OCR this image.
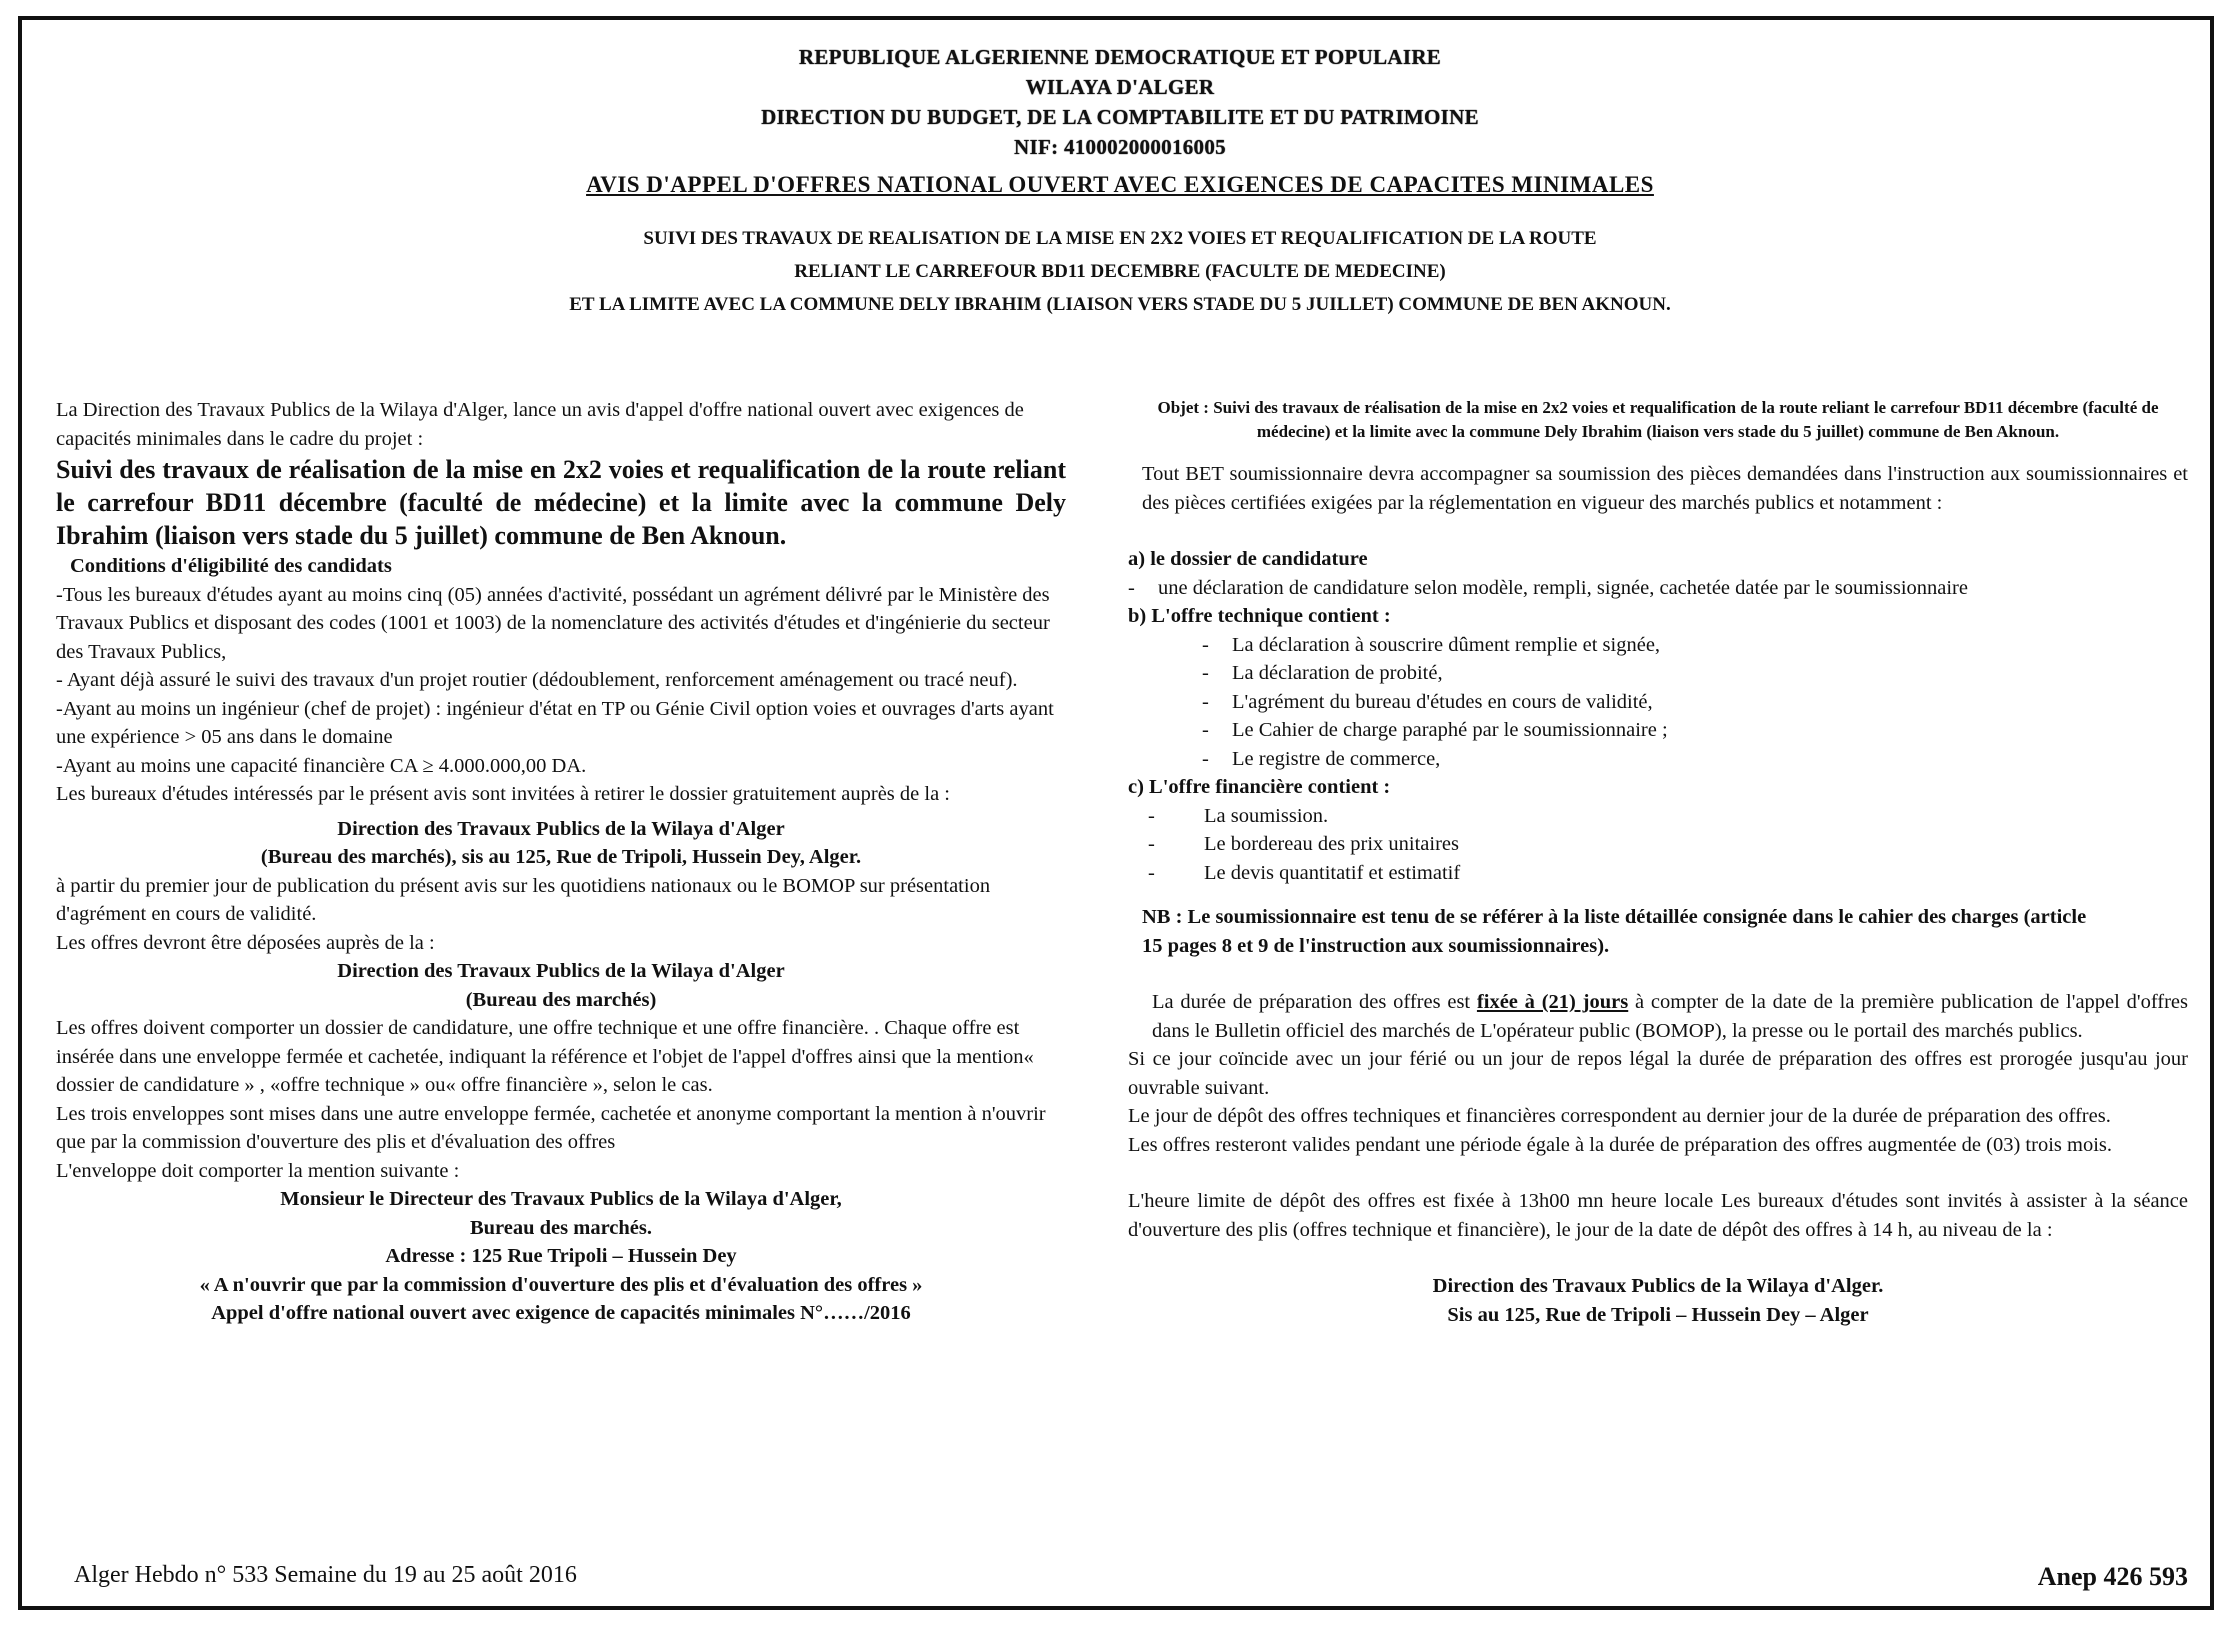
REPUBLIQUE ALGERIENNE DEMOCRATIQUE ET POPULAIRE
WILAYA D'ALGER
DIRECTION DU BUDGET, DE LA COMPTABILITE ET DU PATRIMOINE
NIF: 410002000016005
AVIS D'APPEL D'OFFRES NATIONAL OUVERT AVEC EXIGENCES DE CAPACITES MINIMALES
SUIVI DES TRAVAUX DE REALISATION DE LA MISE EN 2X2 VOIES ET REQUALIFICATION DE LA ROUTE
RELIANT LE CARREFOUR BD11 DECEMBRE (FACULTE DE MEDECINE)
ET LA LIMITE AVEC LA COMMUNE DELY IBRAHIM (LIAISON VERS STADE DU 5 JUILLET) COMMUNE DE BEN AKNOUN.

La Direction des Travaux Publics de la Wilaya d'Alger, lance un avis d'appel d'offre national ouvert avec exigences de capacités minimales dans le cadre du projet :

Suivi des travaux de réalisation de la mise en 2x2 voies et requalification de la route reliant le carrefour BD11 décembre (faculté de médecine) et la limite avec la commune Dely Ibrahim (liaison vers stade du 5 juillet) commune de Ben Aknoun.

Conditions d'éligibilité des candidats

-Tous les bureaux d'études ayant au moins cinq (05) années d'activité, possédant un agrément délivré par le Ministère des Travaux Publics et disposant des codes (1001 et 1003) de la nomenclature des activités d'études et d'ingénierie du secteur des Travaux Publics,

- Ayant déjà assuré le suivi des travaux d'un projet routier (dédoublement, renforcement aménagement ou tracé neuf).

-Ayant au moins un ingénieur (chef de projet) : ingénieur d'état en TP ou Génie Civil option voies et ouvrages d'arts ayant une expérience > 05 ans dans le domaine

-Ayant au moins une capacité financière CA ≥ 4.000.000,00 DA.

Les bureaux d'études intéressés par le présent avis sont invitées à retirer le dossier gratuitement auprès de la :

Direction des Travaux Publics de la Wilaya d'Alger

(Bureau des marchés), sis au 125, Rue de Tripoli, Hussein Dey, Alger.

à partir du premier jour de publication du présent avis sur les quotidiens nationaux ou le BOMOP sur présentation d'agrément en cours de validité.

Les offres devront être déposées auprès de la :

Direction des Travaux Publics de la Wilaya d'Alger

(Bureau des marchés)

Les offres doivent comporter un dossier de candidature, une offre technique et une offre financière. . Chaque offre est insérée dans une enveloppe fermée et cachetée, indiquant la référence et l'objet de l'appel d'offres ainsi que la mention« dossier de candidature » , «offre technique » ou« offre financière », selon le cas.

Les trois enveloppes sont mises dans une autre enveloppe fermée, cachetée et anonyme comportant la mention à n'ouvrir que par la commission d'ouverture des plis et d'évaluation des offres

L'enveloppe doit comporter la mention suivante :

Monsieur le Directeur des Travaux Publics de la Wilaya d'Alger,

Bureau des marchés.

Adresse : 125 Rue Tripoli – Hussein Dey

« A n'ouvrir que par la commission d'ouverture des plis et d'évaluation des offres »

Appel d'offre national ouvert avec exigence de capacités minimales N°……/2016

Objet : Suivi des travaux de réalisation de la mise en 2x2 voies et requalification de la route reliant le carrefour BD11 décembre (faculté de médecine) et la limite avec la commune Dely Ibrahim (liaison vers stade du 5 juillet) commune de Ben Aknoun.

Tout BET soumissionnaire devra accompagner sa soumission des pièces demandées dans l'instruction aux soumissionnaires et des pièces certifiées exigées par la réglementation en vigueur des marchés publics et notamment :

a) le dossier de candidature

- une déclaration de candidature selon modèle, rempli, signée, cachetée datée par le soumissionnaire

b) L'offre technique contient :

- La déclaration à souscrire dûment remplie et signée,

- La déclaration de probité,

- L'agrément du bureau d'études en cours de validité,

- Le Cahier de charge paraphé par le soumissionnaire ;

- Le registre de commerce,

c) L'offre financière contient :

- La soumission.

- Le bordereau des prix unitaires

- Le devis quantitatif et estimatif

NB : Le soumissionnaire est tenu de se référer à la liste détaillée consignée dans le cahier des charges (article 15 pages 8 et 9 de l'instruction aux soumissionnaires).

La durée de préparation des offres est fixée à (21) jours à compter de la date de la première publication de l'appel d'offres dans le Bulletin officiel des marchés de L'opérateur public (BOMOP), la presse ou le portail des marchés publics.

Si ce jour coïncide avec un jour férié ou un jour de repos légal la durée de préparation des offres est prorogée jusqu'au jour ouvrable suivant.

Le jour de dépôt des offres techniques et financières correspondent au dernier jour de la durée de préparation des offres.

Les offres resteront valides pendant une période égale à la durée de préparation des offres augmentée de (03) trois mois.

L'heure limite de dépôt des offres est fixée à 13h00 mn heure locale Les bureaux d'études sont invités à assister à la séance d'ouverture des plis (offres technique et financière), le jour de la date de dépôt des offres à 14 h, au niveau de la :

Direction des Travaux Publics de la Wilaya d'Alger.

Sis au 125, Rue de Tripoli – Hussein Dey – Alger

Alger Hebdo n° 533 Semaine du 19 au 25 août 2016	Anep 426 593
